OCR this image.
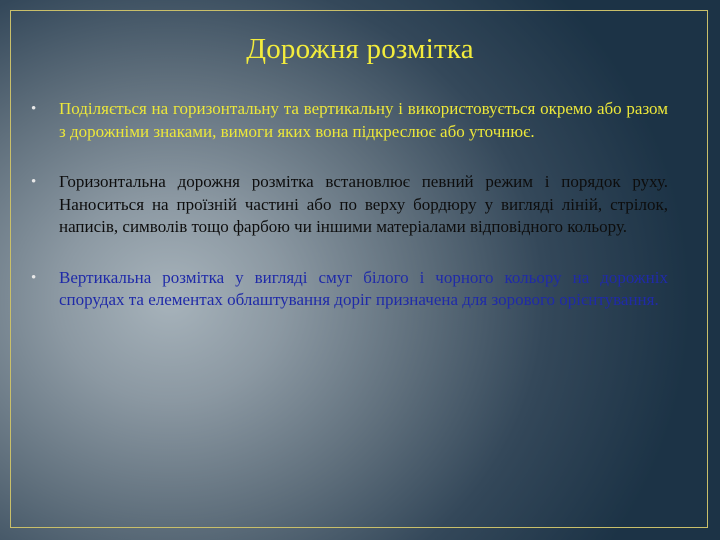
Дорожня розмітка
• Поділяється на горизонтальну та вертикальну і використовується окремо або разом з дорожніми знаками, вимоги яких вона підкреслює або уточнює.
• Горизонтальна дорожня розмітка встановлює певний режим і порядок руху. Наноситься на проїзній частині або по верху бордюру у вигляді ліній, стрілок, написів, символів тощо фарбою чи іншими матеріалами відповідного кольору.
• Вертикальна розмітка у вигляді смуг білого і чорного кольору на дорожніх спорудах та елементах облаштування доріг призначена для зорового орієнтування.
